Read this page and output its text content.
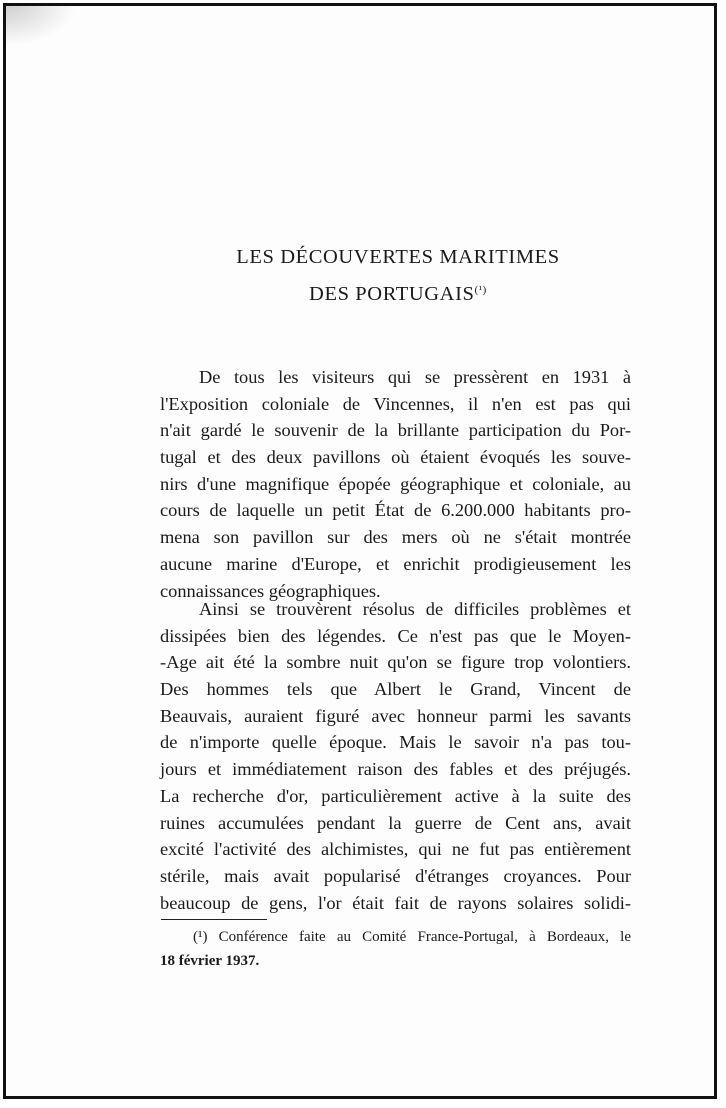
LES DÉCOUVERTES MARITIMES
DES $PORTUGAIS^{(^1)}$
De tous les visiteurs qui se pressèrent en 1931 à
l'Exposition coloniale de Vincennes, il n'en est pas qui
n'ait gardé le souvenir de la brillante participation du Por-
tugal et des deux pavillons où étaient évoqués les souve-
nirs d'une magnifique épopée géographique et coloniale, au
cours de laquelle un petit État de 6.200.000 habitants pro-
mena son pavillon sur des mers où ne s'était montrée
aucune marine d'Europe, et enrichit prodigieusement les
connaissances géographiques.
Ainsi se trouvèrent résolus de difficiles problèmes et
dissipées bien des légendes. Ce n'est pas que le Moyen-
-Age ait été la sombre nuit qu'on se figure trop volontiers.
Des hommes tels que Albert le Grand, Vincent de
Beauvais, auraient figuré avec honneur parmi les savants
de n'importe quelle époque. Mais le savoir n'a pas tou-
jours et immédiatement raison des fables et des préjugés.
La recherche d'or, particulièrement active à la suite des
ruines accumulées pendant la guerre de Cent ans, avait
excité l'activité des alchimistes, qui ne fut pas entièrement
stérile, mais avait popularisé d'étranges croyances. Pour
beaucoup de gens, l'or était fait de rayons solaires solidi-
(¹) Conférence faite au Comité France-Portugal, à Bordeaux, le
18 février 1937.
